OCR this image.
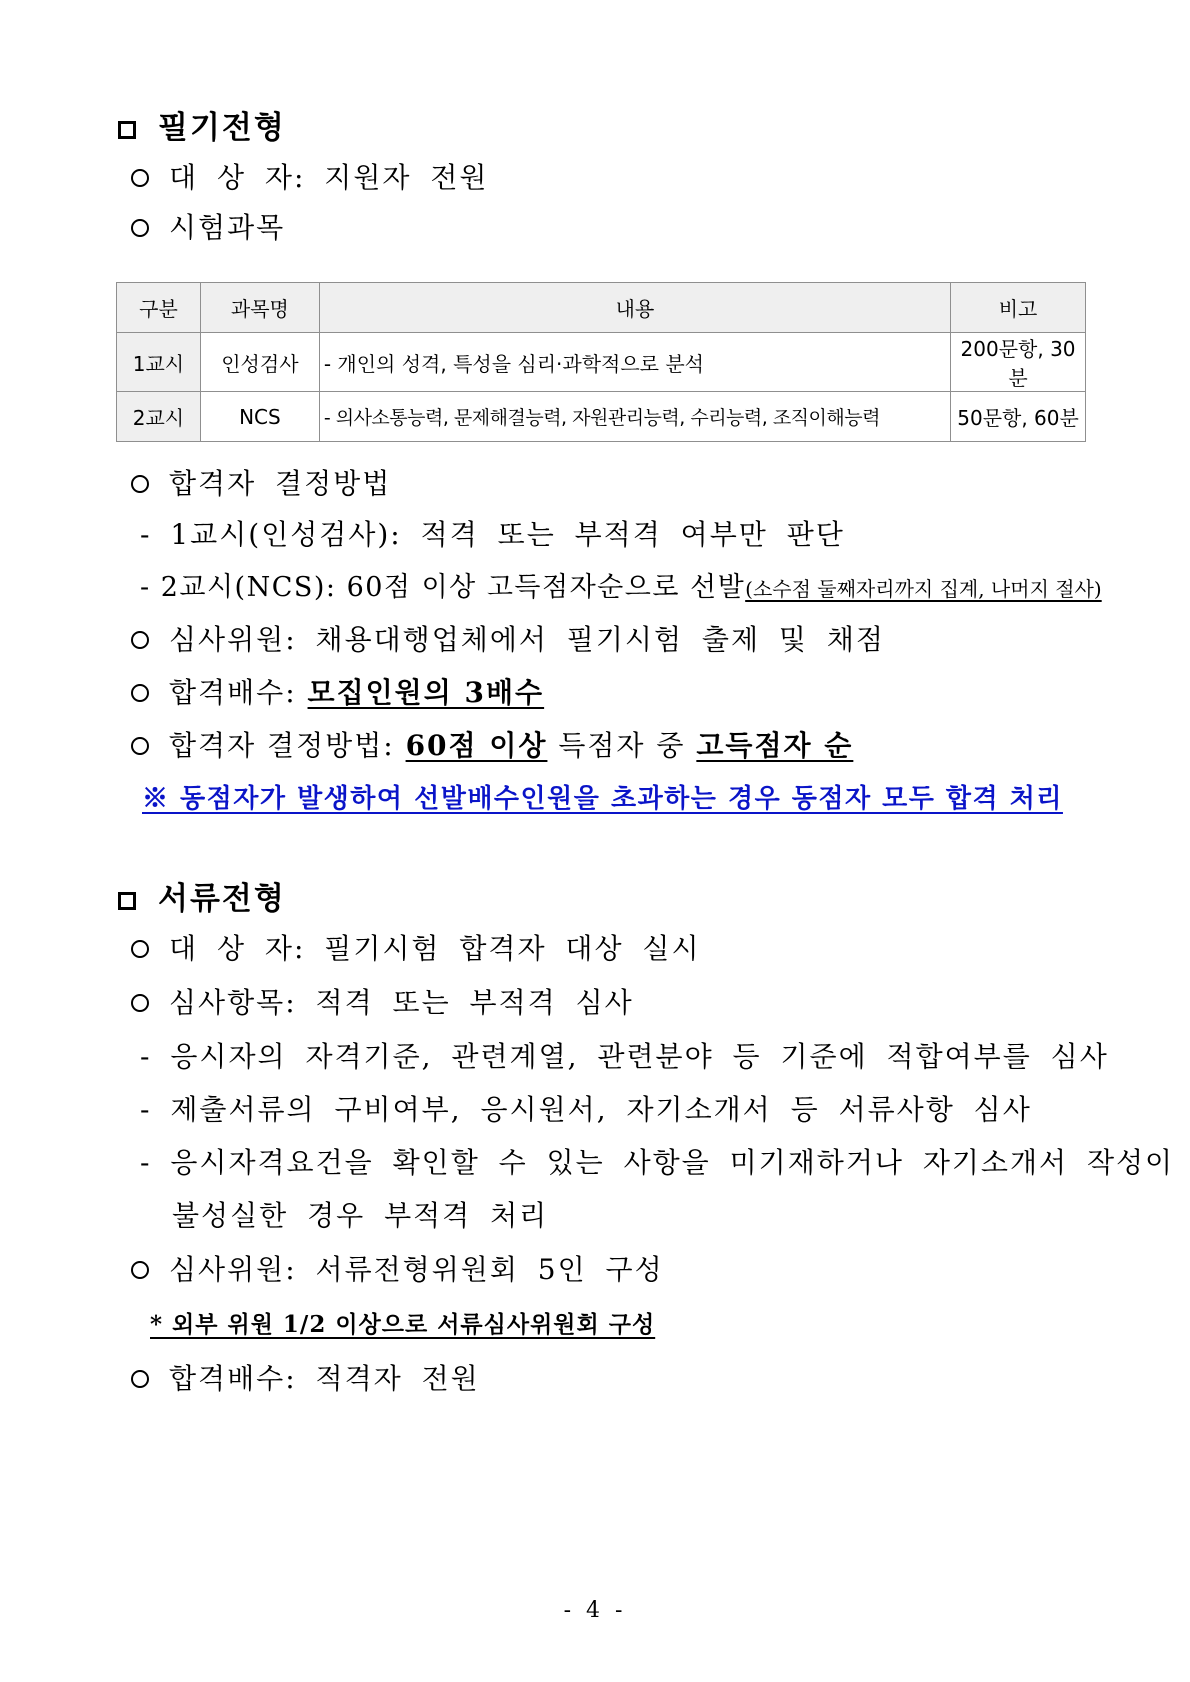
필기전형
대 상 자: 지원자 전원
시험과목
구분	과목명	내용	비고
1교시	인성검사	- 개인의 성격, 특성을 심리·과학적으로 분석	200문항, 30분
2교시	NCS	- 의사소통능력, 문제해결능력, 자원관리능력, 수리능력, 조직이해능력	50문항, 60분
합격자 결정방법
- 1교시(인성검사): 적격 또는 부적격 여부만 판단
- 2교시(NCS): 60점 이상 고득점자순으로 선발(소수점 둘째자리까지 집계, 나머지 절사)
심사위원: 채용대행업체에서 필기시험 출제 및 채점
합격배수: 모집인원의 3배수
합격자 결정방법: 60점 이상 득점자 중 고득점자 순
※ 동점자가 발생하여 선발배수인원을 초과하는 경우 동점자 모두 합격 처리
서류전형
대 상 자: 필기시험 합격자 대상 실시
심사항목: 적격 또는 부적격 심사
- 응시자의 자격기준, 관련계열, 관련분야 등 기준에 적합여부를 심사
- 제출서류의 구비여부, 응시원서, 자기소개서 등 서류사항 심사
- 응시자격요건을 확인할 수 있는 사항을 미기재하거나 자기소개서 작성이
불성실한 경우 부적격 처리
심사위원: 서류전형위원회 5인 구성
* 외부 위원 1/2 이상으로 서류심사위원회 구성
합격배수: 적격자 전원
- 4 -
